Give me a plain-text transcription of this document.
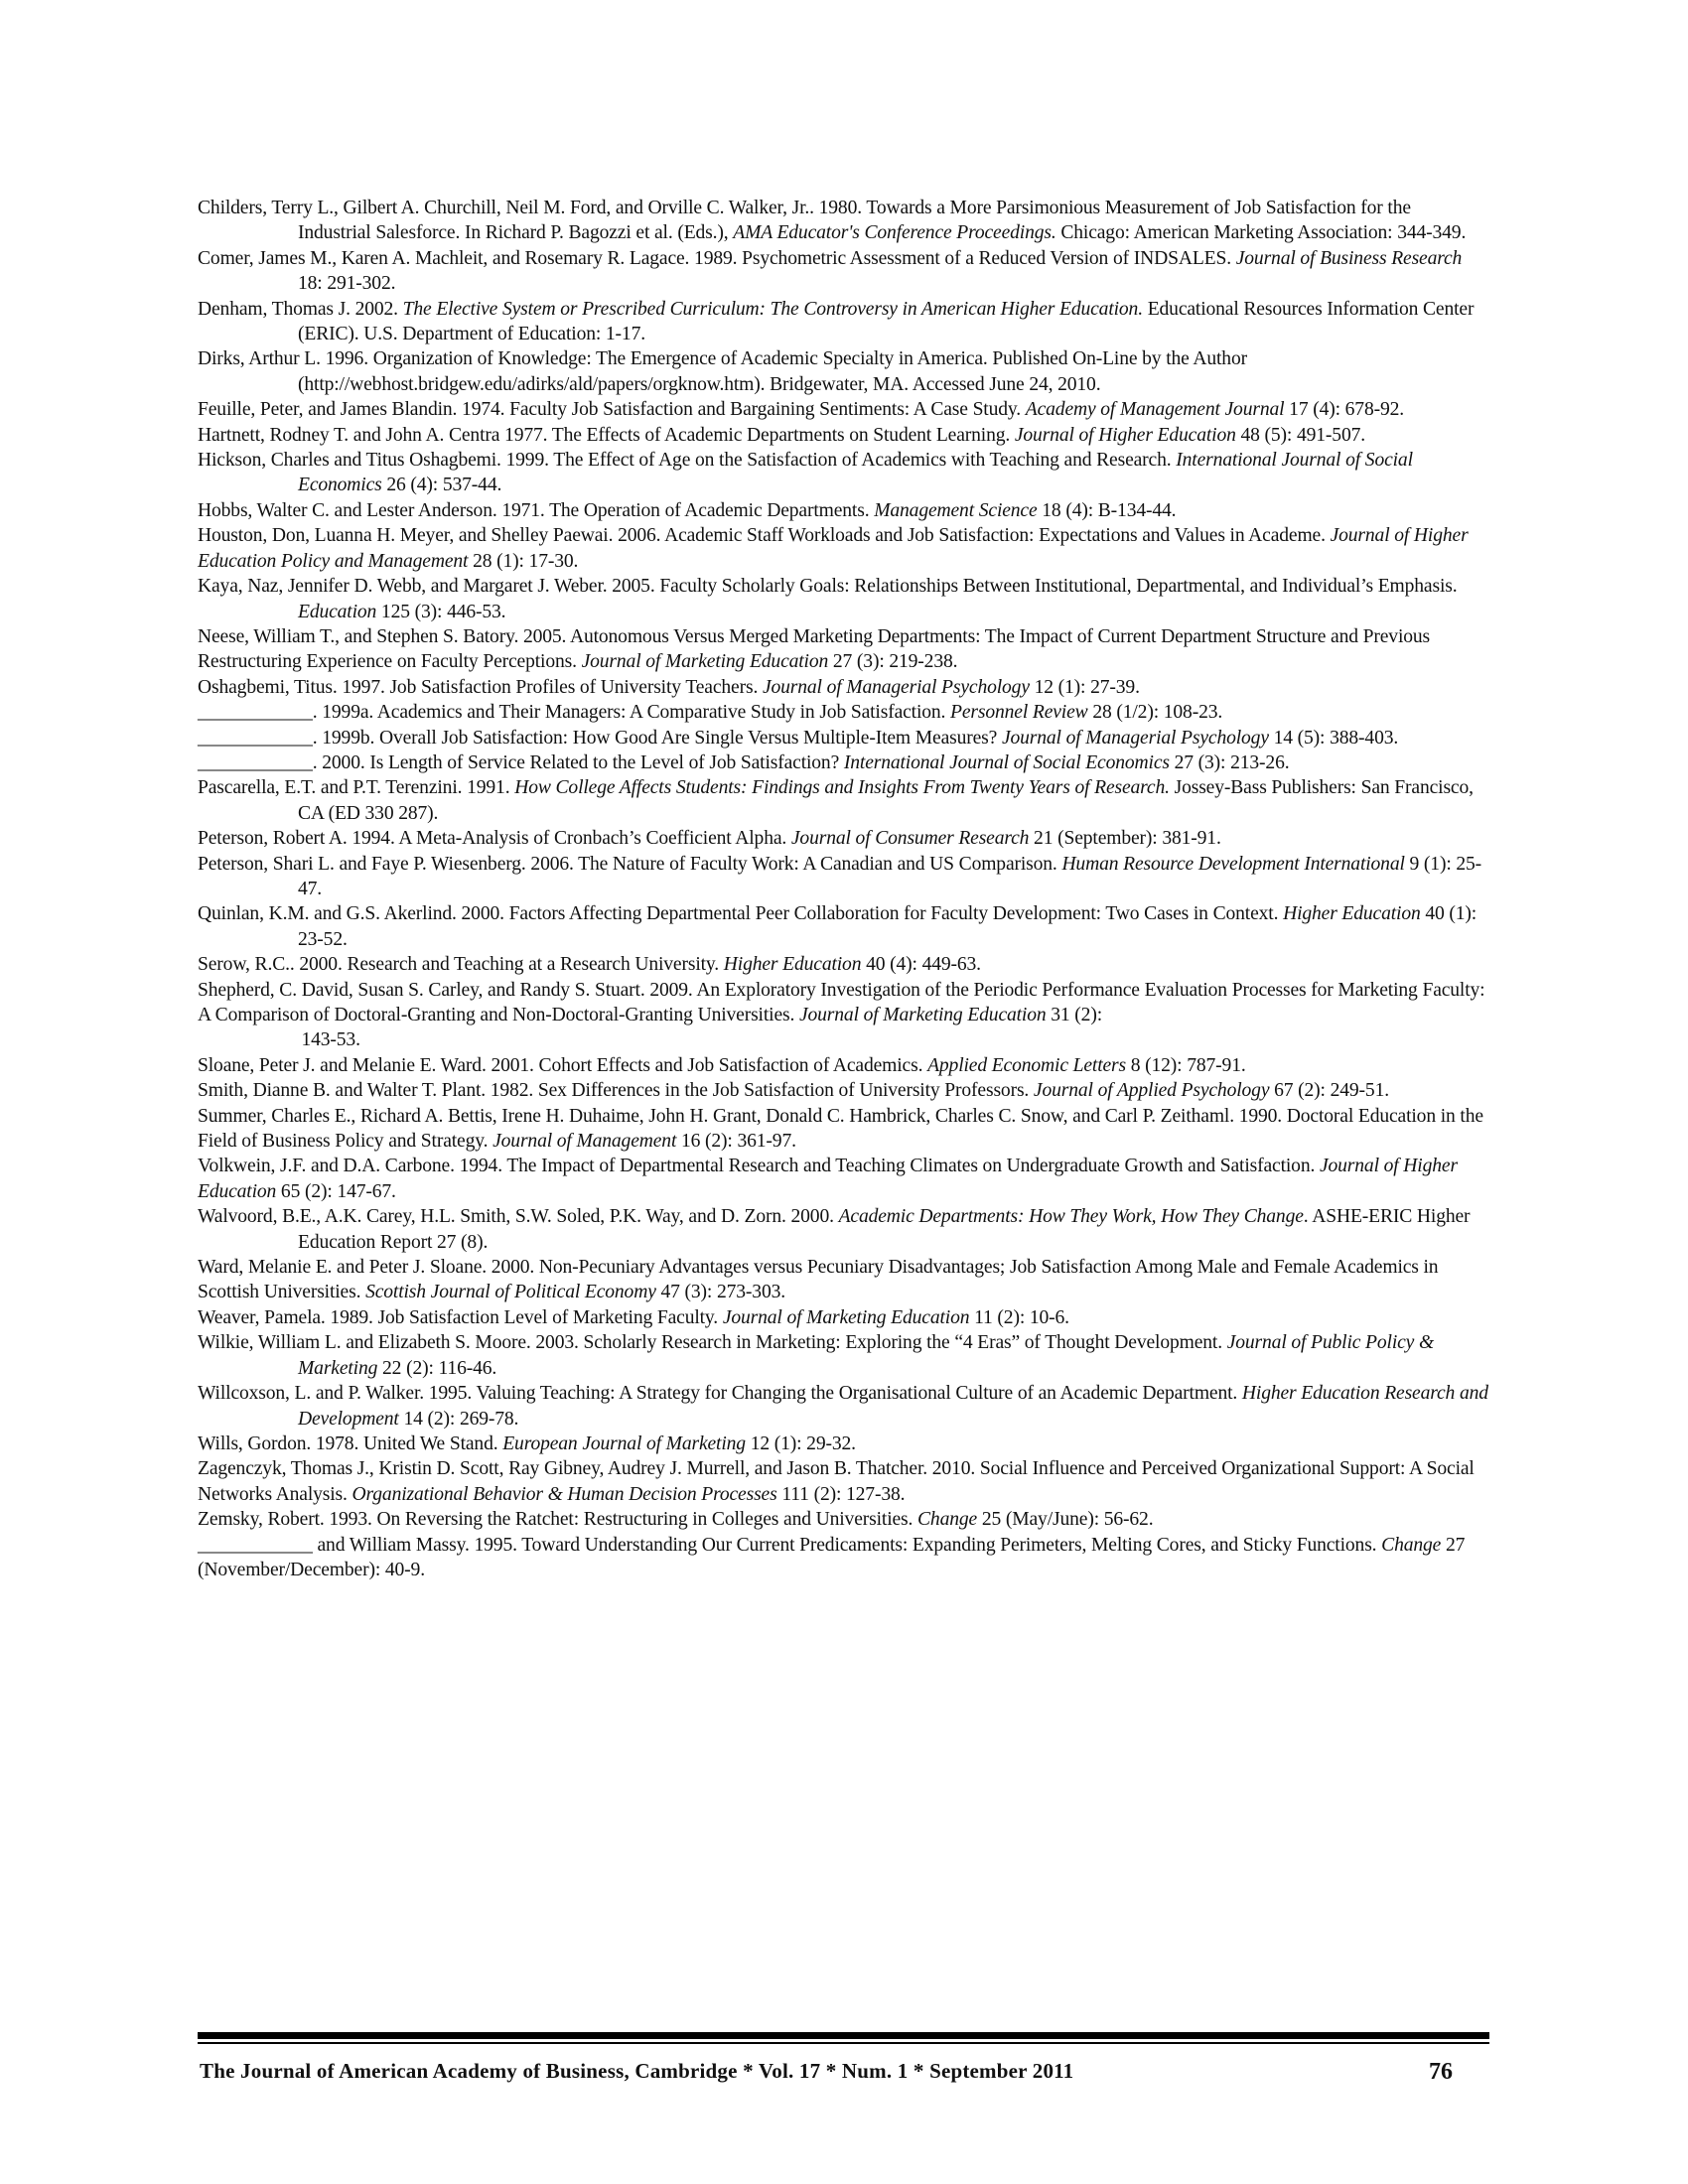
Childers, Terry L., Gilbert A. Churchill, Neil M. Ford, and Orville C. Walker, Jr.. 1980. Towards a More Parsimonious Measurement of Job Satisfaction for the Industrial Salesforce. In Richard P. Bagozzi et al. (Eds.), AMA Educator's Conference Proceedings. Chicago: American Marketing Association: 344-349.

Comer, James M., Karen A. Machleit, and Rosemary R. Lagace. 1989. Psychometric Assessment of a Reduced Version of INDSALES. Journal of Business Research 18: 291-302.

Denham, Thomas J. 2002. The Elective System or Prescribed Curriculum: The Controversy in American Higher Education. Educational Resources Information Center (ERIC). U.S. Department of Education: 1-17.

Dirks, Arthur L. 1996. Organization of Knowledge: The Emergence of Academic Specialty in America. Published On-Line by the Author (http://webhost.bridgew.edu/adirks/ald/papers/orgknow.htm). Bridgewater, MA. Accessed June 24, 2010.

Feuille, Peter, and James Blandin. 1974. Faculty Job Satisfaction and Bargaining Sentiments: A Case Study. Academy of Management Journal 17 (4): 678-92.

Hartnett, Rodney T. and John A. Centra 1977. The Effects of Academic Departments on Student Learning. Journal of Higher Education 48 (5): 491-507.

Hickson, Charles and Titus Oshagbemi. 1999. The Effect of Age on the Satisfaction of Academics with Teaching and Research. International Journal of Social Economics 26 (4): 537-44.

Hobbs, Walter C. and Lester Anderson. 1971. The Operation of Academic Departments. Management Science 18 (4): B-134-44.

Houston, Don, Luanna H. Meyer, and Shelley Paewai. 2006. Academic Staff Workloads and Job Satisfaction: Expectations and Values in Academe. Journal of Higher Education Policy and Management 28 (1): 17-30.

Kaya, Naz, Jennifer D. Webb, and Margaret J. Weber. 2005. Faculty Scholarly Goals: Relationships Between Institutional, Departmental, and Individual’s Emphasis. Education 125 (3): 446-53.

Neese, William T., and Stephen S. Batory. 2005. Autonomous Versus Merged Marketing Departments: The Impact of Current Department Structure and Previous Restructuring Experience on Faculty Perceptions. Journal of Marketing Education 27 (3): 219-238.

Oshagbemi, Titus. 1997. Job Satisfaction Profiles of University Teachers. Journal of Managerial Psychology 12 (1): 27-39.

____________. 1999a. Academics and Their Managers: A Comparative Study in Job Satisfaction. Personnel Review 28 (1/2): 108-23.

____________. 1999b. Overall Job Satisfaction: How Good Are Single Versus Multiple-Item Measures? Journal of Managerial Psychology 14 (5): 388-403.

____________. 2000. Is Length of Service Related to the Level of Job Satisfaction? International Journal of Social Economics 27 (3): 213-26.

Pascarella, E.T. and P.T. Terenzini. 1991. How College Affects Students: Findings and Insights From Twenty Years of Research. Jossey-Bass Publishers: San Francisco, CA (ED 330 287).

Peterson, Robert A. 1994. A Meta-Analysis of Cronbach’s Coefficient Alpha. Journal of Consumer Research 21 (September): 381-91.

Peterson, Shari L. and Faye P. Wiesenberg. 2006. The Nature of Faculty Work: A Canadian and US Comparison. Human Resource Development International 9 (1): 25-47.

Quinlan, K.M. and G.S. Akerlind. 2000. Factors Affecting Departmental Peer Collaboration for Faculty Development: Two Cases in Context. Higher Education 40 (1): 23-52.

Serow, R.C.. 2000. Research and Teaching at a Research University. Higher Education 40 (4): 449-63.

Shepherd, C. David, Susan S. Carley, and Randy S. Stuart. 2009. An Exploratory Investigation of the Periodic Performance Evaluation Processes for Marketing Faculty: A Comparison of Doctoral-Granting and Non-Doctoral-Granting Universities. Journal of Marketing Education 31 (2):

143-53.

Sloane, Peter J. and Melanie E. Ward. 2001. Cohort Effects and Job Satisfaction of Academics. Applied Economic Letters 8 (12): 787-91.

Smith, Dianne B. and Walter T. Plant. 1982. Sex Differences in the Job Satisfaction of University Professors. Journal of Applied Psychology 67 (2): 249-51.

Summer, Charles E., Richard A. Bettis, Irene H. Duhaime, John H. Grant, Donald C. Hambrick, Charles C. Snow, and Carl P. Zeithaml. 1990. Doctoral Education in the Field of Business Policy and Strategy. Journal of Management 16 (2): 361-97.

Volkwein, J.F. and D.A. Carbone. 1994. The Impact of Departmental Research and Teaching Climates on Undergraduate Growth and Satisfaction. Journal of Higher Education 65 (2): 147-67.

Walvoord, B.E., A.K. Carey, H.L. Smith, S.W. Soled, P.K. Way, and D. Zorn. 2000. Academic Departments: How They Work, How They Change. ASHE-ERIC Higher Education Report 27 (8).

Ward, Melanie E. and Peter J. Sloane. 2000. Non-Pecuniary Advantages versus Pecuniary Disadvantages; Job Satisfaction Among Male and Female Academics in Scottish Universities. Scottish Journal of Political Economy 47 (3): 273-303.

Weaver, Pamela. 1989. Job Satisfaction Level of Marketing Faculty. Journal of Marketing Education 11 (2): 10-6.

Wilkie, William L. and Elizabeth S. Moore. 2003. Scholarly Research in Marketing: Exploring the “4 Eras” of Thought Development. Journal of Public Policy & Marketing 22 (2): 116-46.

Willcoxson, L. and P. Walker. 1995. Valuing Teaching: A Strategy for Changing the Organisational Culture of an Academic Department. Higher Education Research and Development 14 (2): 269-78.

Wills, Gordon. 1978. United We Stand. European Journal of Marketing 12 (1): 29-32.

Zagenczyk, Thomas J., Kristin D. Scott, Ray Gibney, Audrey J. Murrell, and Jason B. Thatcher. 2010. Social Influence and Perceived Organizational Support: A Social Networks Analysis. Organizational Behavior & Human Decision Processes 111 (2): 127-38.

Zemsky, Robert. 1993. On Reversing the Ratchet: Restructuring in Colleges and Universities. Change 25 (May/June): 56-62.

____________ and William Massy. 1995. Toward Understanding Our Current Predicaments: Expanding Perimeters, Melting Cores, and Sticky Functions. Change 27 (November/December): 40-9.

The Journal of American Academy of Business, Cambridge * Vol. 17 * Num. 1 * September 2011	76
